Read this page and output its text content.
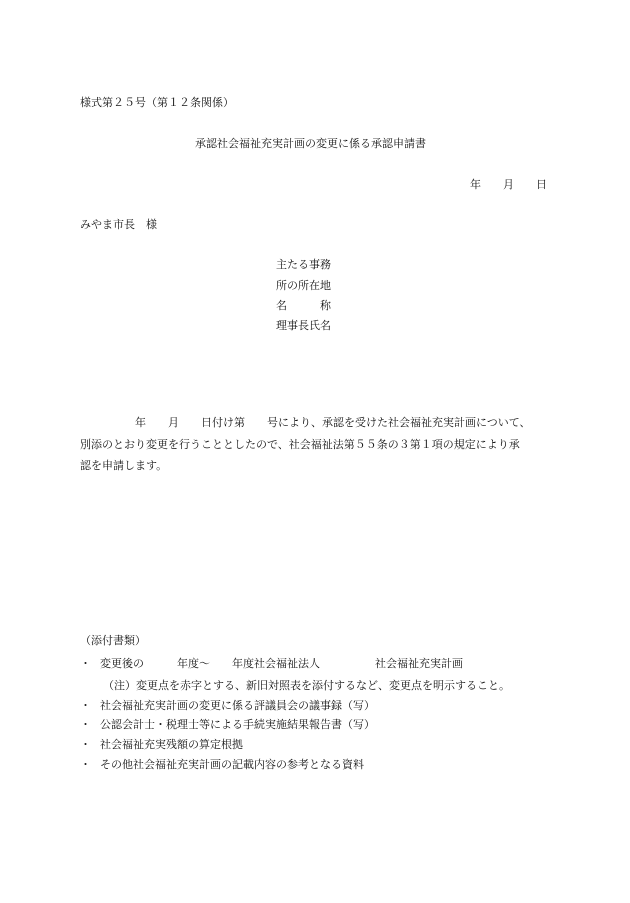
様式第２５号（第１２条関係）
承認社会福祉充実計画の変更に係る承認申請書
年　　月　　日
みやま市長　様
主たる事務
所の所在地
名　　　称
理事長氏名
　　　　　年　　月　　日付け第　　号により、承認を受けた社会福祉充実計画について、
別添のとおり変更を行うこととしたので、社会福祉法第５５条の３第１項の規定により承
認を申請します。
（添付書類）
・ 変更後の　　　年度～　　年度社会福祉法人　　　　　社会福祉充実計画
（注）変更点を赤字とする、新旧対照表を添付するなど、変更点を明示すること。
・ 社会福祉充実計画の変更に係る評議員会の議事録（写）
・ 公認会計士・税理士等による手続実施結果報告書（写）
・ 社会福祉充実残額の算定根拠
・ その他社会福祉充実計画の記載内容の参考となる資料
